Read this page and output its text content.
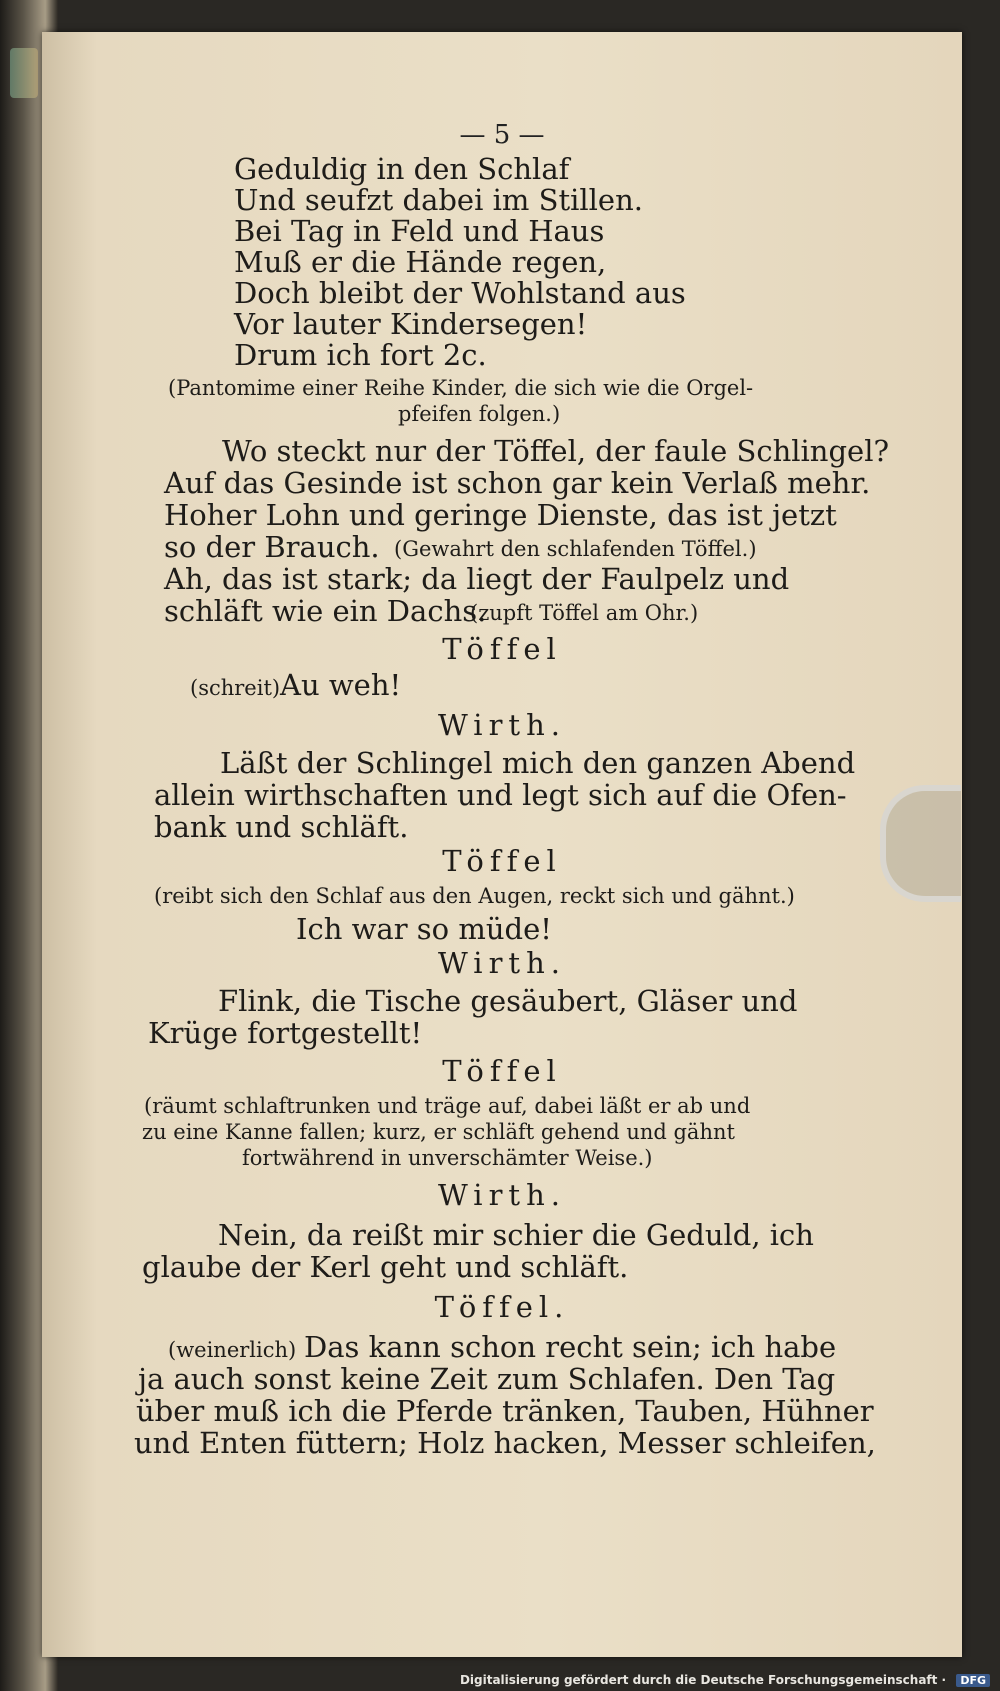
— 5 —
Geduldig in den Schlaf
Und seufzt dabei im Stillen.
Bei Tag in Feld und Haus
Muß er die Hände regen,
Doch bleibt der Wohlstand aus
Vor lauter Kindersegen!
Drum ich fort 2c.
(Pantomime einer Reihe Kinder, die sich wie die Orgel-
pfeifen folgen.)
Wo steckt nur der Töffel, der faule Schlingel?
Auf das Gesinde ist schon gar kein Verlaß mehr.
Hoher Lohn und geringe Dienste, das ist jetzt
so der Brauch. (Gewahrt den schlafenden Töffel.)
Ah, das ist stark; da liegt der Faulpelz und
schläft wie ein Dachs.
(zupft Töffel am Ohr.)
Töffel
(schreit) Au weh!
Wirth.
Läßt der Schlingel mich den ganzen Abend
allein wirthschaften und legt sich auf die Ofen-
bank und schläft.
Töffel
(reibt sich den Schlaf aus den Augen, reckt sich und gähnt.)
Ich war so müde!
Wirth.
Flink, die Tische gesäubert, Gläser und
Krüge fortgestellt!
Töffel
(räumt schlaftrunken und träge auf, dabei läßt er ab und
zu eine Kanne fallen; kurz, er schläft gehend und gähnt
fortwährend in unverschämter Weise.)
Wirth.
Nein, da reißt mir schier die Geduld, ich
glaube der Kerl geht und schläft.
Töffel.
(weinerlich) Das kann schon recht sein; ich habe
ja auch sonst keine Zeit zum Schlafen. Den Tag
über muß ich die Pferde tränken, Tauben, Hühner
und Enten füttern; Holz hacken, Messer schleifen,
Digitalisierung gefördert durch die Deutsche Forschungsgemeinschaft · DFG
